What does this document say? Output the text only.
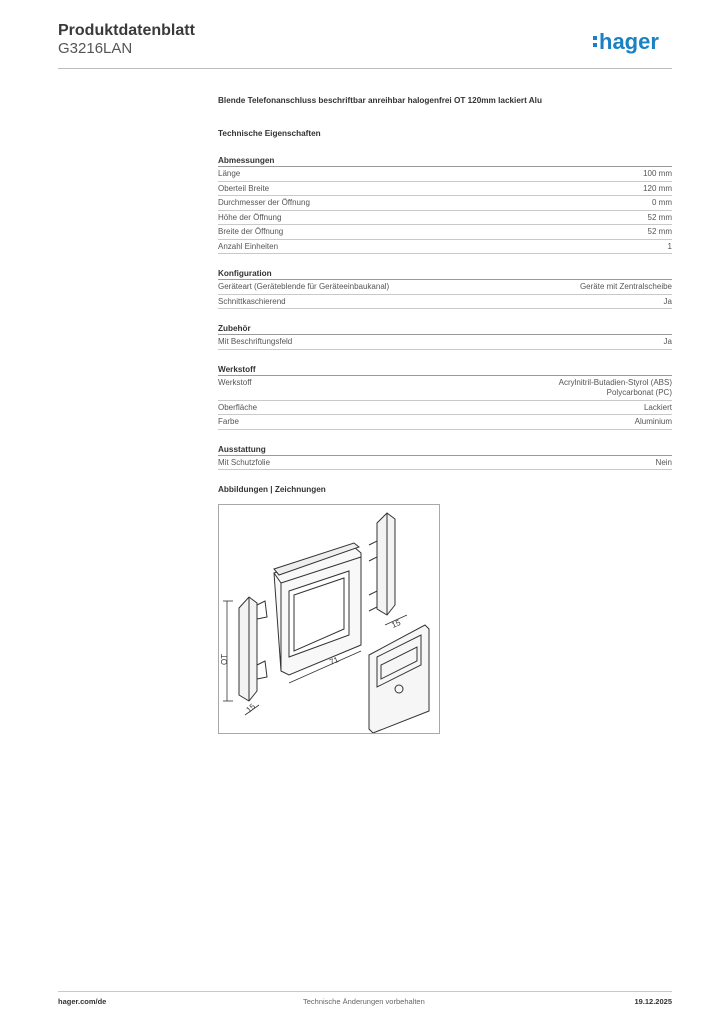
Produktdatenblatt
G3216LAN	hager
Blende Telefonanschluss beschriftbar anreihbar halogenfrei OT 120mm lackiert Alu
Technische Eigenschaften
Abmessungen
Länge	100 mm
Oberteil Breite	120 mm
Durchmesser der Öffnung	0 mm
Höhe der Öffnung	52 mm
Breite der Öffnung	52 mm
Anzahl Einheiten	1
Konfiguration
Geräteart (Geräteblende für Geräteeinbaukanal)	Geräte mit Zentralscheibe
Schnittkaschierend	Ja
Zubehör
Mit Beschriftungsfeld	Ja
Werkstoff
Werkstoff	Acrylnitril-Butadien-Styrol (ABS)
Polycarbonat (PC)
Oberfläche	Lackiert
Farbe	Aluminium
Ausstattung
Mit Schutzfolie	Nein
Abbildungen | Zeichnungen
OT	71
15
15
hager.com/de	Technische Änderungen vorbehalten	19.12.2025
